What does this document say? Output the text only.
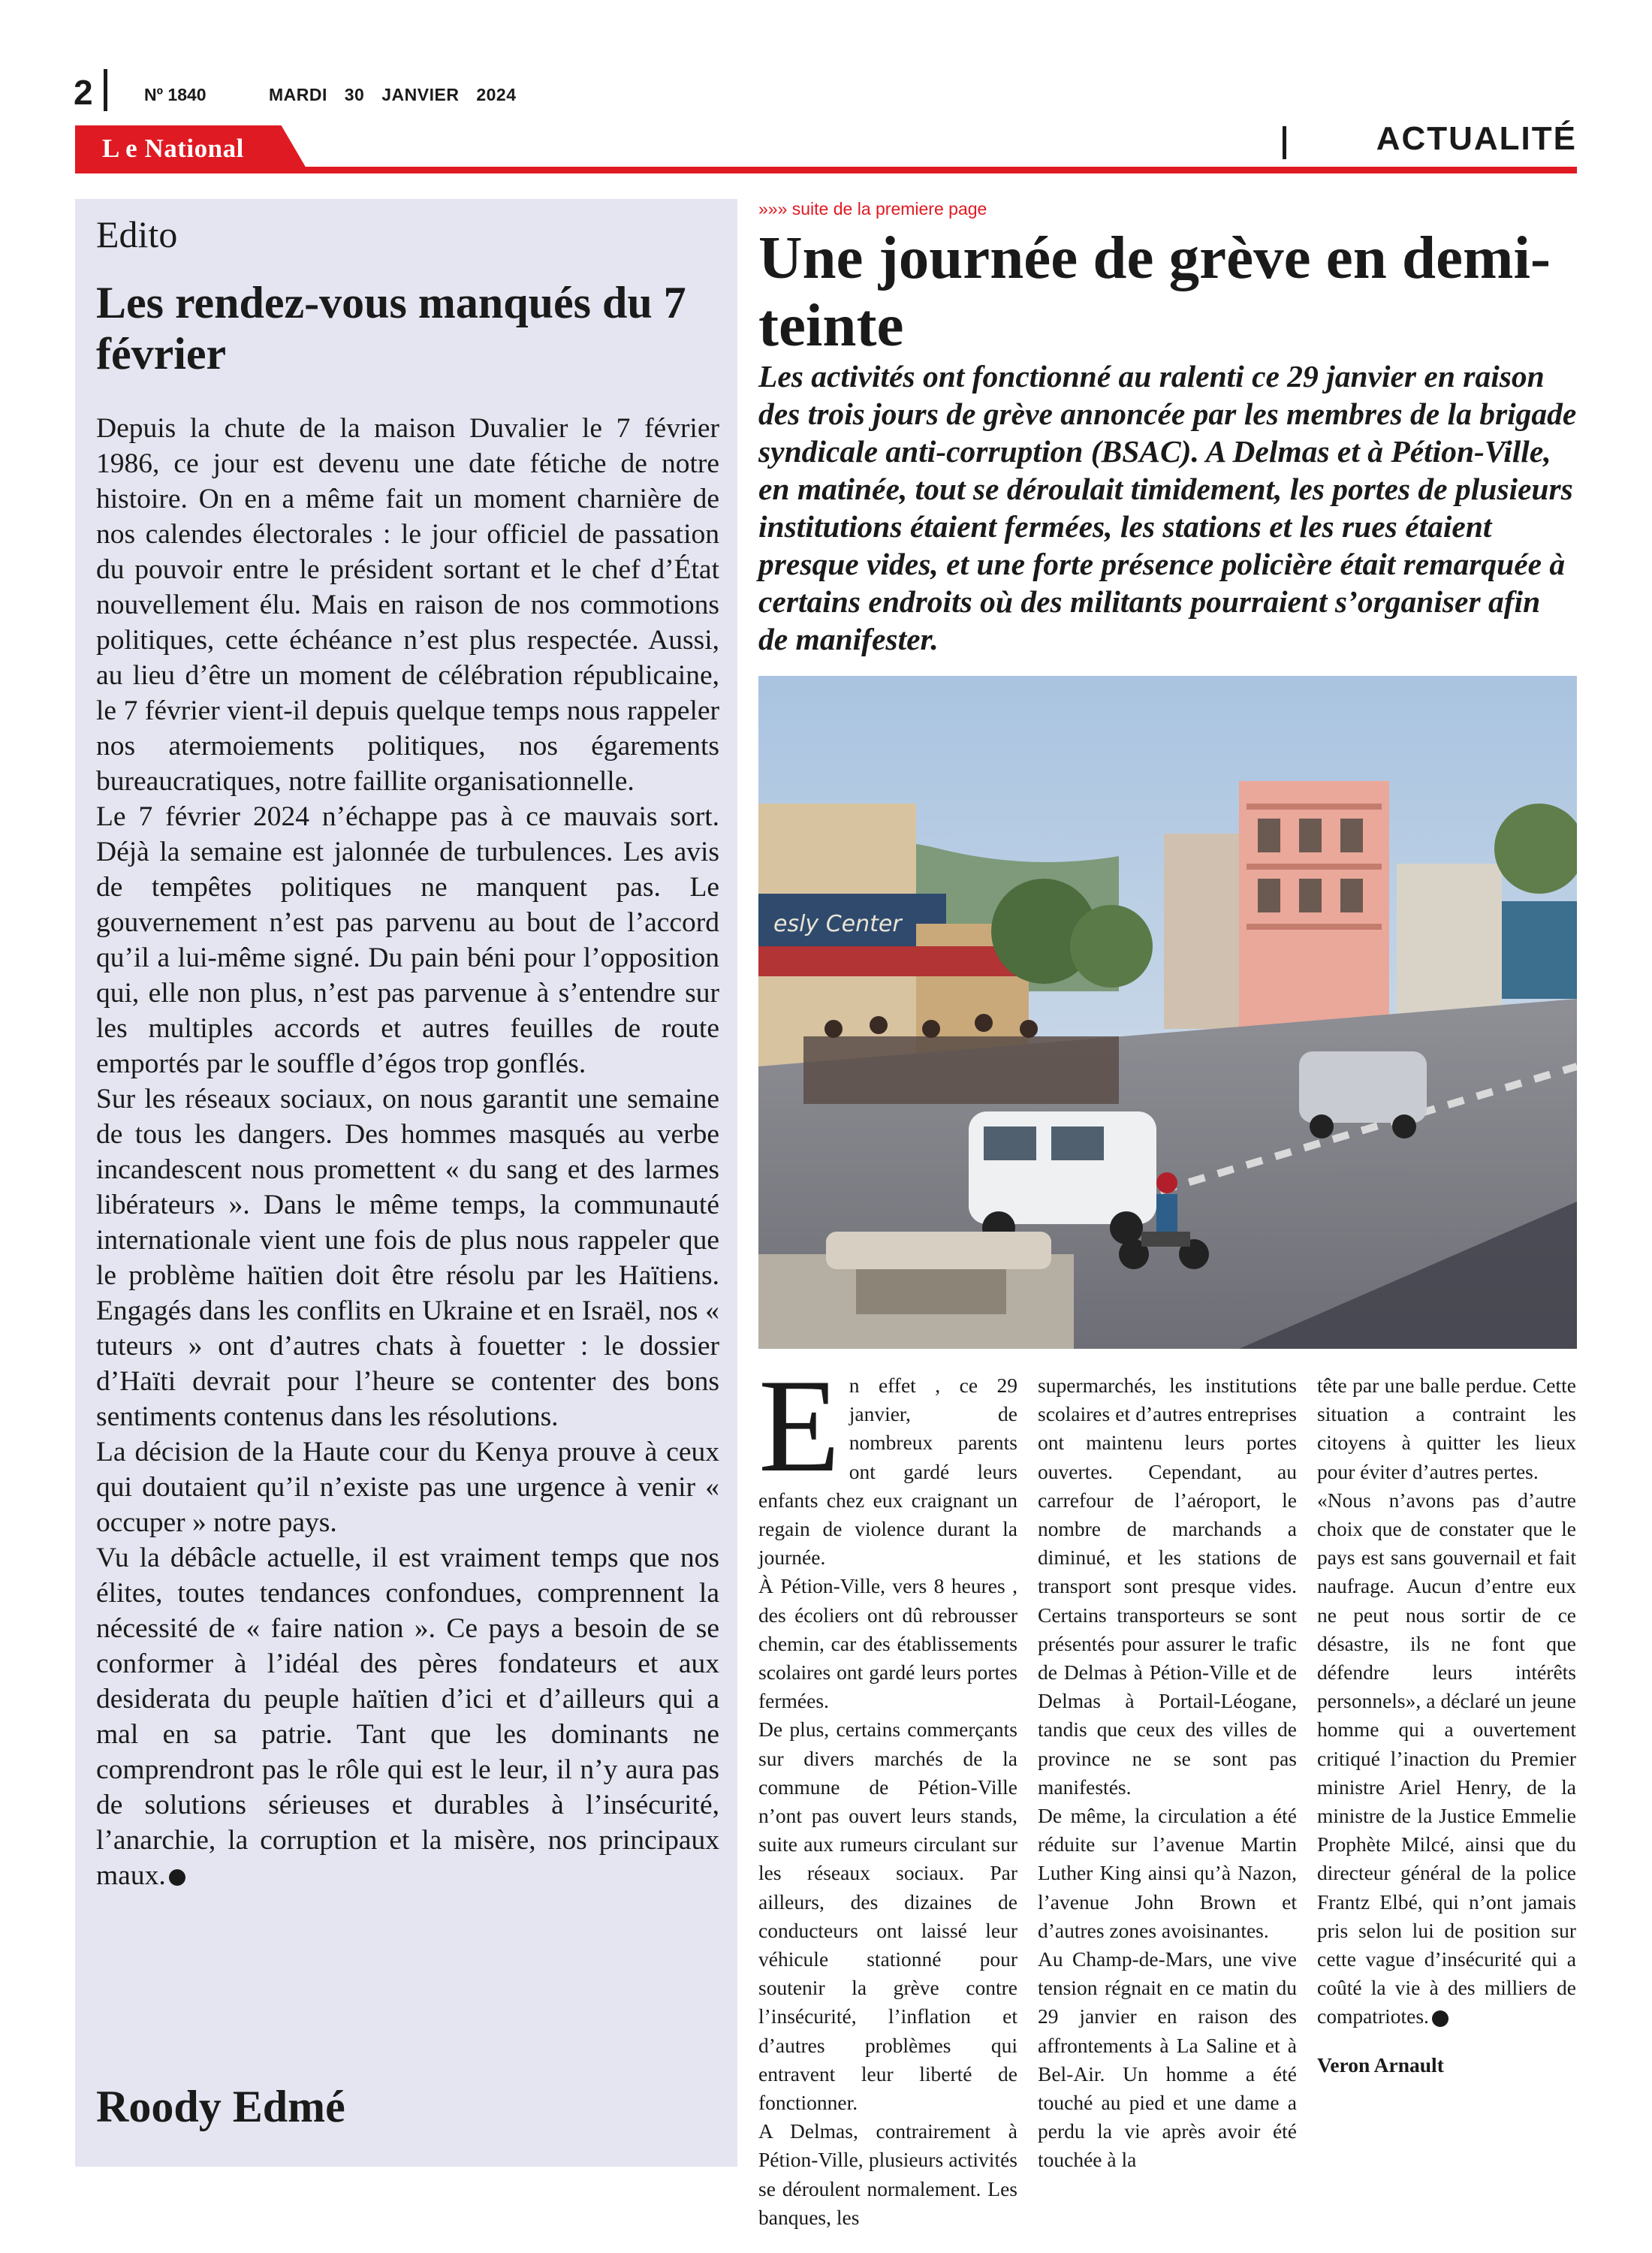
2	Nº 1840	MARDI 30 JANVIER 2024
L e National	ACTUALITÉ
Edito
Les rendez-vous manqués du 7 février

Depuis la chute de la maison Duvalier le 7 février 1986, ce jour est devenu une date fétiche de notre histoire. On en a même fait un moment charnière de nos calendes électorales : le jour officiel de passation du pouvoir entre le président sortant et le chef d’État nouvellement élu. Mais en raison de nos commotions politiques, cette échéance n’est plus respectée. Aussi, au lieu d’être un moment de célébration républicaine, le 7 février vient-il depuis quelque temps nous rappeler nos atermoiements politiques, nos égarements bureaucratiques, notre faillite organisationnelle.

Le 7 février 2024 n’échappe pas à ce mauvais sort. Déjà la semaine est jalonnée de turbulences. Les avis de tempêtes politiques ne manquent pas. Le gouvernement n’est pas parvenu au bout de l’accord qu’il a lui-même signé. Du pain béni pour l’opposition qui, elle non plus, n’est pas parvenue à s’entendre sur les multiples accords et autres feuilles de route emportés par le souffle d’égos trop gonflés.

Sur les réseaux sociaux, on nous garantit une semaine de tous les dangers. Des hommes masqués au verbe incandescent nous promettent « du sang et des larmes libérateurs ». Dans le même temps, la communauté internationale vient une fois de plus nous rappeler que le problème haïtien doit être résolu par les Haïtiens. Engagés dans les conflits en Ukraine et en Israël, nos « tuteurs » ont d’autres chats à fouetter : le dossier d’Haïti devrait pour l’heure se contenter des bons sentiments contenus dans les résolutions.

La décision de la Haute cour du Kenya prouve à ceux qui doutaient qu’il n’existe pas une urgence à venir « occuper » notre pays.

Vu la débâcle actuelle, il est vraiment temps que nos élites, toutes tendances confondues, comprennent la nécessité de « faire nation ». Ce pays a besoin de se conformer à l’idéal des pères fondateurs et aux desiderata du peuple haïtien d’ici et d’ailleurs qui a mal en sa patrie. Tant que les dominants ne comprendront pas le rôle qui est le leur, il n’y aura pas de solutions sérieuses et durables à l’insécurité, l’anarchie, la corruption et la misère, nos principaux maux.

Roody Edmé
»»» suite de la premiere page
Une journée de grève en demi-teinte
Les activités ont fonctionné au ralenti ce 29 janvier en raison des trois jours de grève annoncée par les membres de la brigade syndicale anti-corruption (BSAC). A Delmas et à Pétion-Ville, en matinée, tout se déroulait timidement, les portes de plusieurs institutions étaient fermées, les stations et les rues étaient presque vides, et une forte présence policière était remarquée à certains endroits où des militants pourraient s’organiser afin de manifester.
esly Center

En effet , ce 29 janvier, de nombreux parents ont gardé leurs enfants chez eux craignant un regain de violence durant la journée.

À Pétion-Ville, vers 8 heures , des écoliers ont dû rebrousser chemin, car des établissements scolaires ont gardé leurs portes fermées.

De plus, certains commerçants sur divers marchés de la commune de Pétion-Ville n’ont pas ouvert leurs stands, suite aux rumeurs circulant sur les réseaux sociaux. Par ailleurs, des dizaines de conducteurs ont laissé leur véhicule stationné pour soutenir la grève contre l’insécurité, l’inflation et d’autres problèmes qui entravent leur liberté de fonctionner.

A Delmas, contrairement à Pétion-Ville, plusieurs activités se déroulent normalement. Les banques, les

supermarchés, les institutions scolaires et d’autres entreprises ont maintenu leurs portes ouvertes. Cependant, au carrefour de l’aéroport, le nombre de marchands a diminué, et les stations de transport sont presque vides. Certains transporteurs se sont présentés pour assurer le trafic de Delmas à Pétion-Ville et de Delmas à Portail-Léogane, tandis que ceux des villes de province ne se sont pas manifestés.

De même, la circulation a été réduite sur l’avenue Martin Luther King ainsi qu’à Nazon, l’avenue John Brown et d’autres zones avoisinantes.

Au Champ-de-Mars, une vive tension régnait en ce matin du 29 janvier en raison des affrontements à La Saline et à Bel-Air. Un homme a été touché au pied et une dame a perdu la vie après avoir été touchée à la

tête par une balle perdue. Cette situation a contraint les citoyens à quitter les lieux pour éviter d’autres pertes.

«Nous n’avons pas d’autre choix que de constater que le pays est sans gouvernail et fait naufrage. Aucun d’entre eux ne peut nous sortir de ce désastre, ils ne font que défendre leurs intérêts personnels», a déclaré un jeune homme qui a ouvertement critiqué l’inaction du Premier ministre Ariel Henry, de la ministre de la Justice Emmelie Prophète Milcé, ainsi que du directeur général de la police Frantz Elbé, qui n’ont jamais pris selon lui de position sur cette vague d’insécurité qui a coûté la vie à des milliers de compatriotes.

Veron Arnault
